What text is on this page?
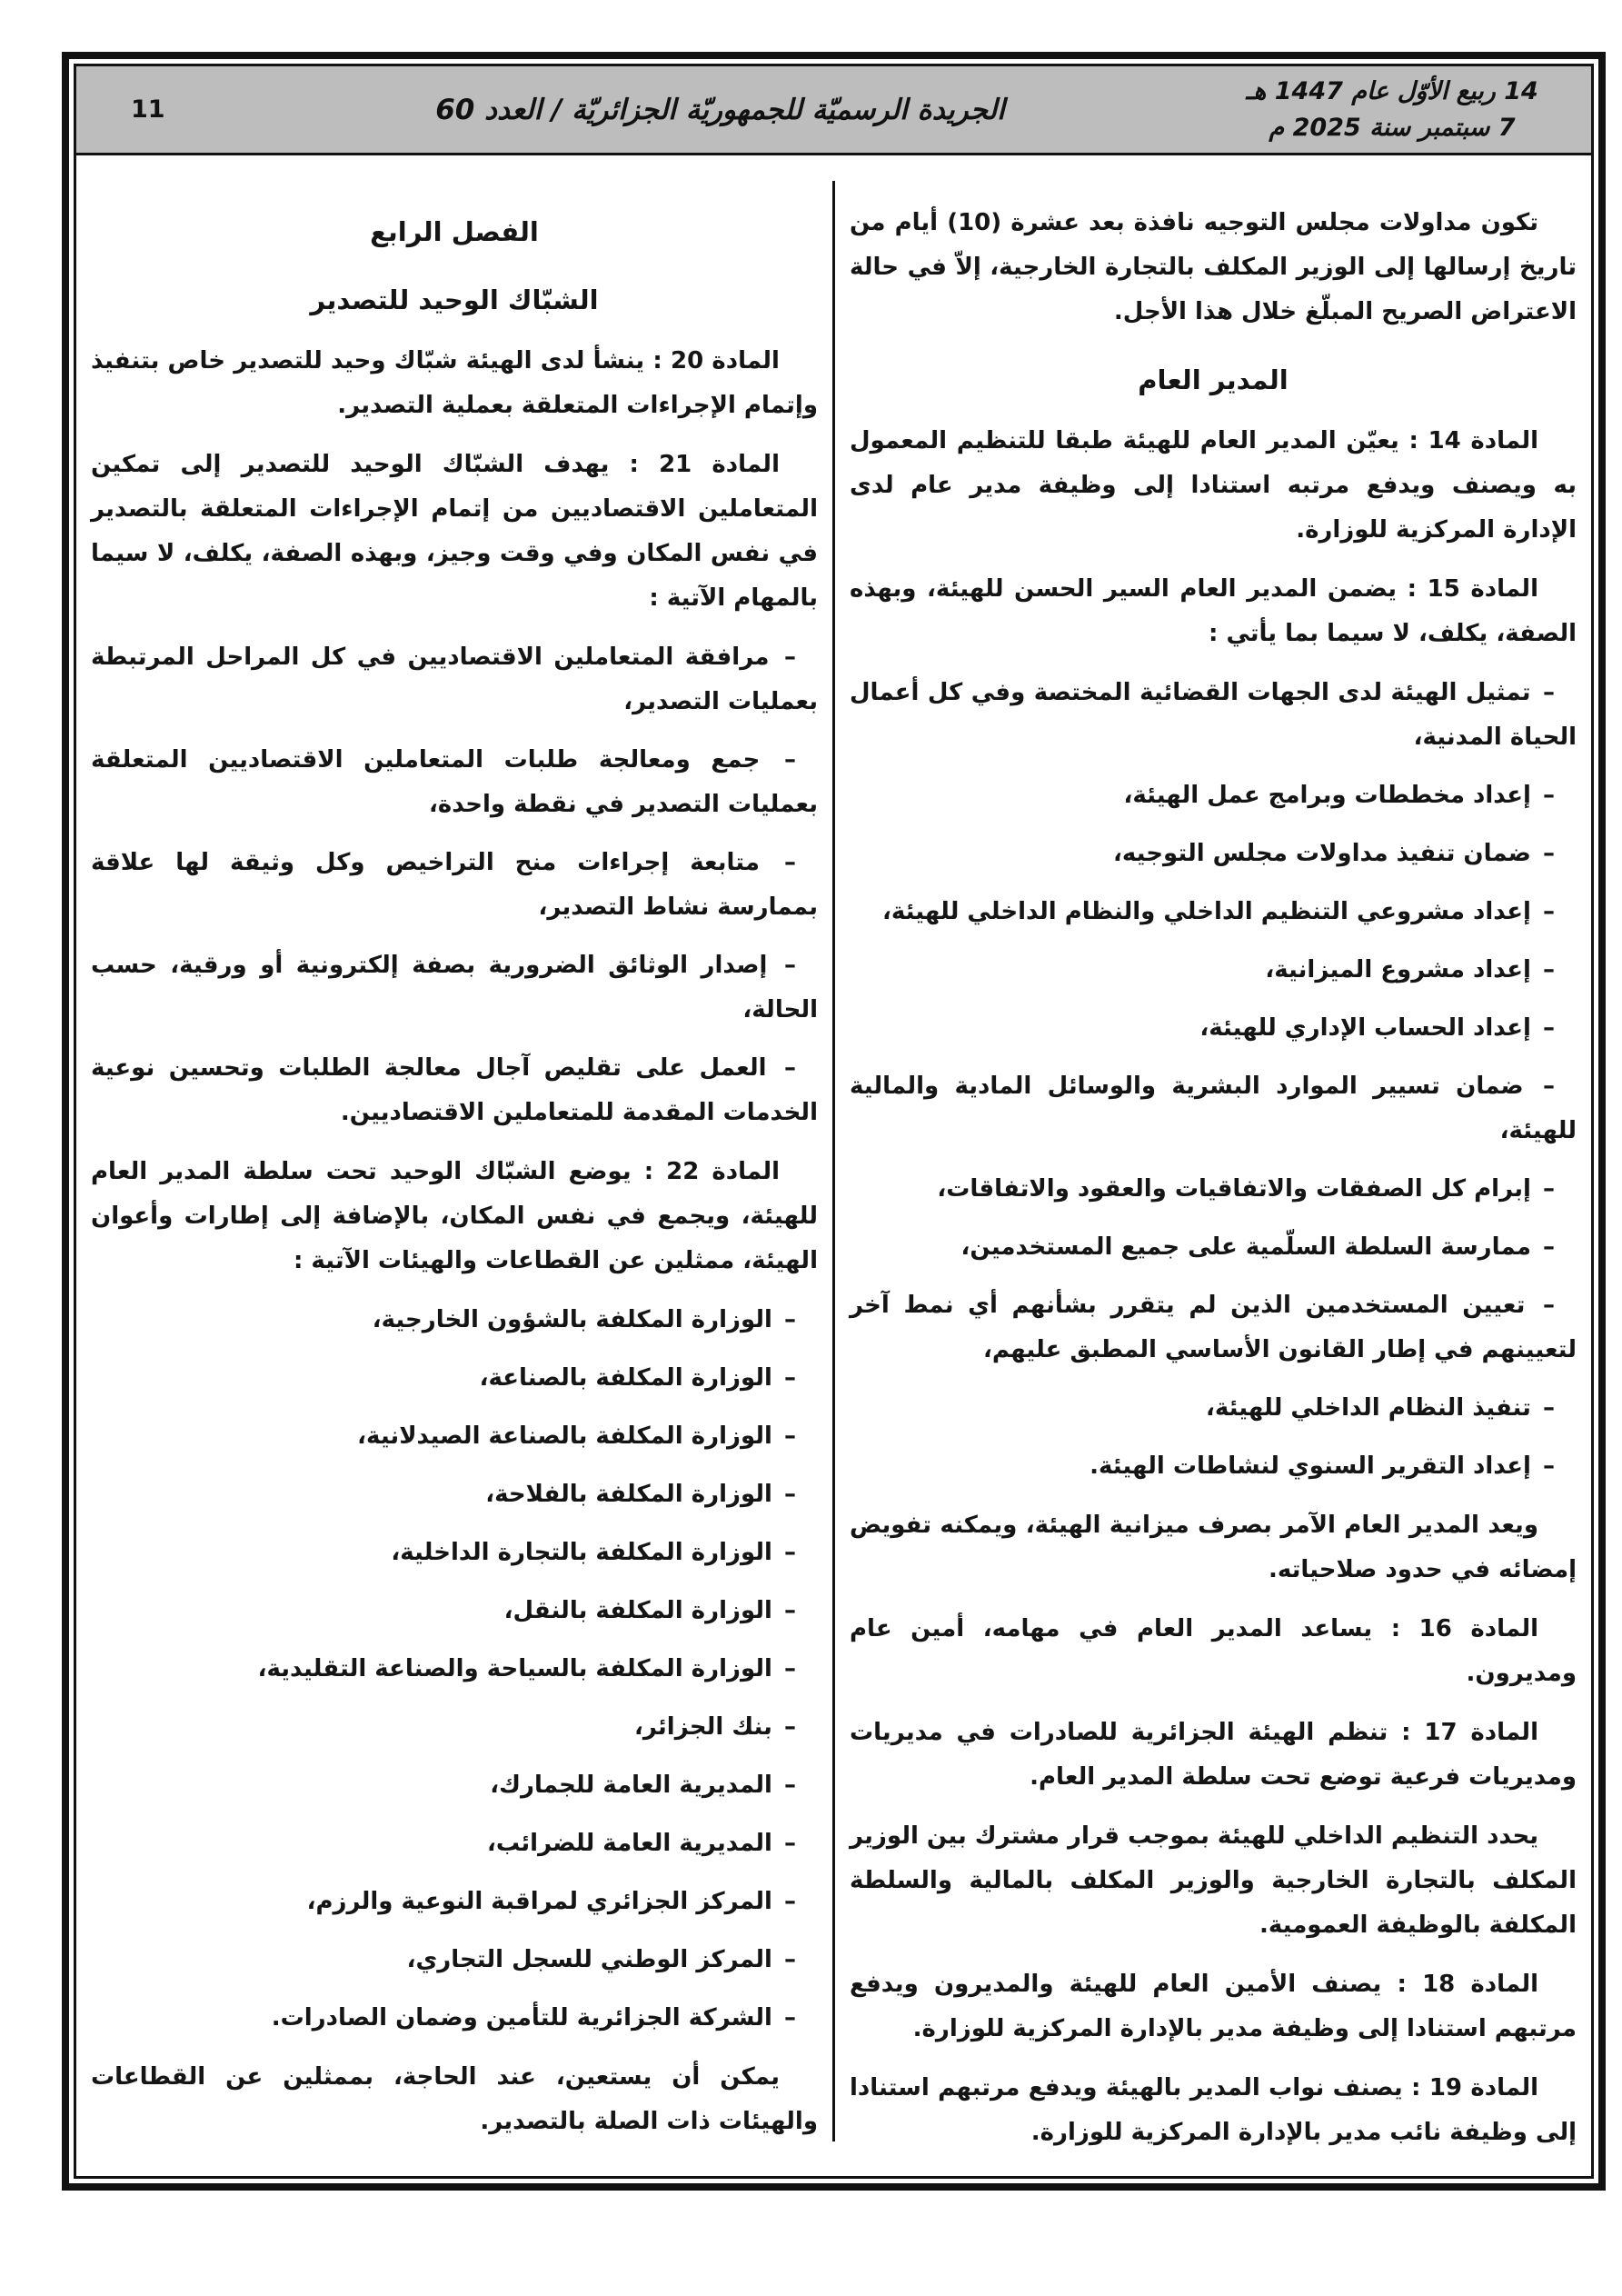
14 ربيع الأوّل عام 1447 هـ
7 سبتمبر سنة 2025 م
الجريدة الرسميّة للجمهوريّة الجزائريّة / العدد 60
11
تكون مداولات مجلس التوجيه نافذة بعد عشرة (10) أيام من تاريخ إرسالها إلى الوزير المكلف بالتجارة الخارجية، إلاّ في حالة الاعتراض الصريح المبلّغ خلال هذا الأجل.
المدير العام
المادة 14 : يعيّن المدير العام للهيئة طبقا للتنظيم المعمول به ويصنف ويدفع مرتبه استنادا إلى وظيفة مدير عام لدى الإدارة المركزية للوزارة.
المادة 15 : يضمن المدير العام السير الحسن للهيئة، وبهذه الصفة، يكلف، لا سيما بما يأتي :
– تمثيل الهيئة لدى الجهات القضائية المختصة وفي كل أعمال الحياة المدنية،
– إعداد مخططات وبرامج عمل الهيئة،
– ضمان تنفيذ مداولات مجلس التوجيه،
– إعداد مشروعي التنظيم الداخلي والنظام الداخلي للهيئة،
– إعداد مشروع الميزانية،
– إعداد الحساب الإداري للهيئة،
– ضمان تسيير الموارد البشرية والوسائل المادية والمالية للهيئة،
– إبرام كل الصفقات والاتفاقيات والعقود والاتفاقات،
– ممارسة السلطة السلّمية على جميع المستخدمين،
– تعيين المستخدمين الذين لم يتقرر بشأنهم أي نمط آخر لتعيينهم في إطار القانون الأساسي المطبق عليهم،
– تنفيذ النظام الداخلي للهيئة،
– إعداد التقرير السنوي لنشاطات الهيئة.
ويعد المدير العام الآمر بصرف ميزانية الهيئة، ويمكنه تفويض إمضائه في حدود صلاحياته.
المادة 16 : يساعد المدير العام في مهامه، أمين عام ومديرون.
المادة 17 : تنظم الهيئة الجزائرية للصادرات في مديريات ومديريات فرعية توضع تحت سلطة المدير العام.
يحدد التنظيم الداخلي للهيئة بموجب قرار مشترك بين الوزير المكلف بالتجارة الخارجية والوزير المكلف بالمالية والسلطة المكلفة بالوظيفة العمومية.
المادة 18 : يصنف الأمين العام للهيئة والمديرون ويدفع مرتبهم استنادا إلى وظيفة مدير بالإدارة المركزية للوزارة.
المادة 19 : يصنف نواب المدير بالهيئة ويدفع مرتبهم استنادا إلى وظيفة نائب مدير بالإدارة المركزية للوزارة.
الفصل الرابع
الشبّاك الوحيد للتصدير
المادة 20 : ينشأ لدى الهيئة شبّاك وحيد للتصدير خاص بتنفيذ وإتمام الإجراءات المتعلقة بعملية التصدير.
المادة 21 : يهدف الشبّاك الوحيد للتصدير إلى تمكين المتعاملين الاقتصاديين من إتمام الإجراءات المتعلقة بالتصدير في نفس المكان وفي وقت وجيز، وبهذه الصفة، يكلف، لا سيما بالمهام الآتية :
– مرافقة المتعاملين الاقتصاديين في كل المراحل المرتبطة بعمليات التصدير،
– جمع ومعالجة طلبات المتعاملين الاقتصاديين المتعلقة بعمليات التصدير في نقطة واحدة،
– متابعة إجراءات منح التراخيص وكل وثيقة لها علاقة بممارسة نشاط التصدير،
– إصدار الوثائق الضرورية بصفة إلكترونية أو ورقية، حسب الحالة،
– العمل على تقليص آجال معالجة الطلبات وتحسين نوعية الخدمات المقدمة للمتعاملين الاقتصاديين.
المادة 22 : يوضع الشبّاك الوحيد تحت سلطة المدير العام للهيئة، ويجمع في نفس المكان، بالإضافة إلى إطارات وأعوان الهيئة، ممثلين عن القطاعات والهيئات الآتية :
– الوزارة المكلفة بالشؤون الخارجية،
– الوزارة المكلفة بالصناعة،
– الوزارة المكلفة بالصناعة الصيدلانية،
– الوزارة المكلفة بالفلاحة،
– الوزارة المكلفة بالتجارة الداخلية،
– الوزارة المكلفة بالنقل،
– الوزارة المكلفة بالسياحة والصناعة التقليدية،
– بنك الجزائر،
– المديرية العامة للجمارك،
– المديرية العامة للضرائب،
– المركز الجزائري لمراقبة النوعية والرزم،
– المركز الوطني للسجل التجاري،
– الشركة الجزائرية للتأمين وضمان الصادرات.
يمكن أن يستعين، عند الحاجة، بممثلين عن القطاعات والهيئات ذات الصلة بالتصدير.
